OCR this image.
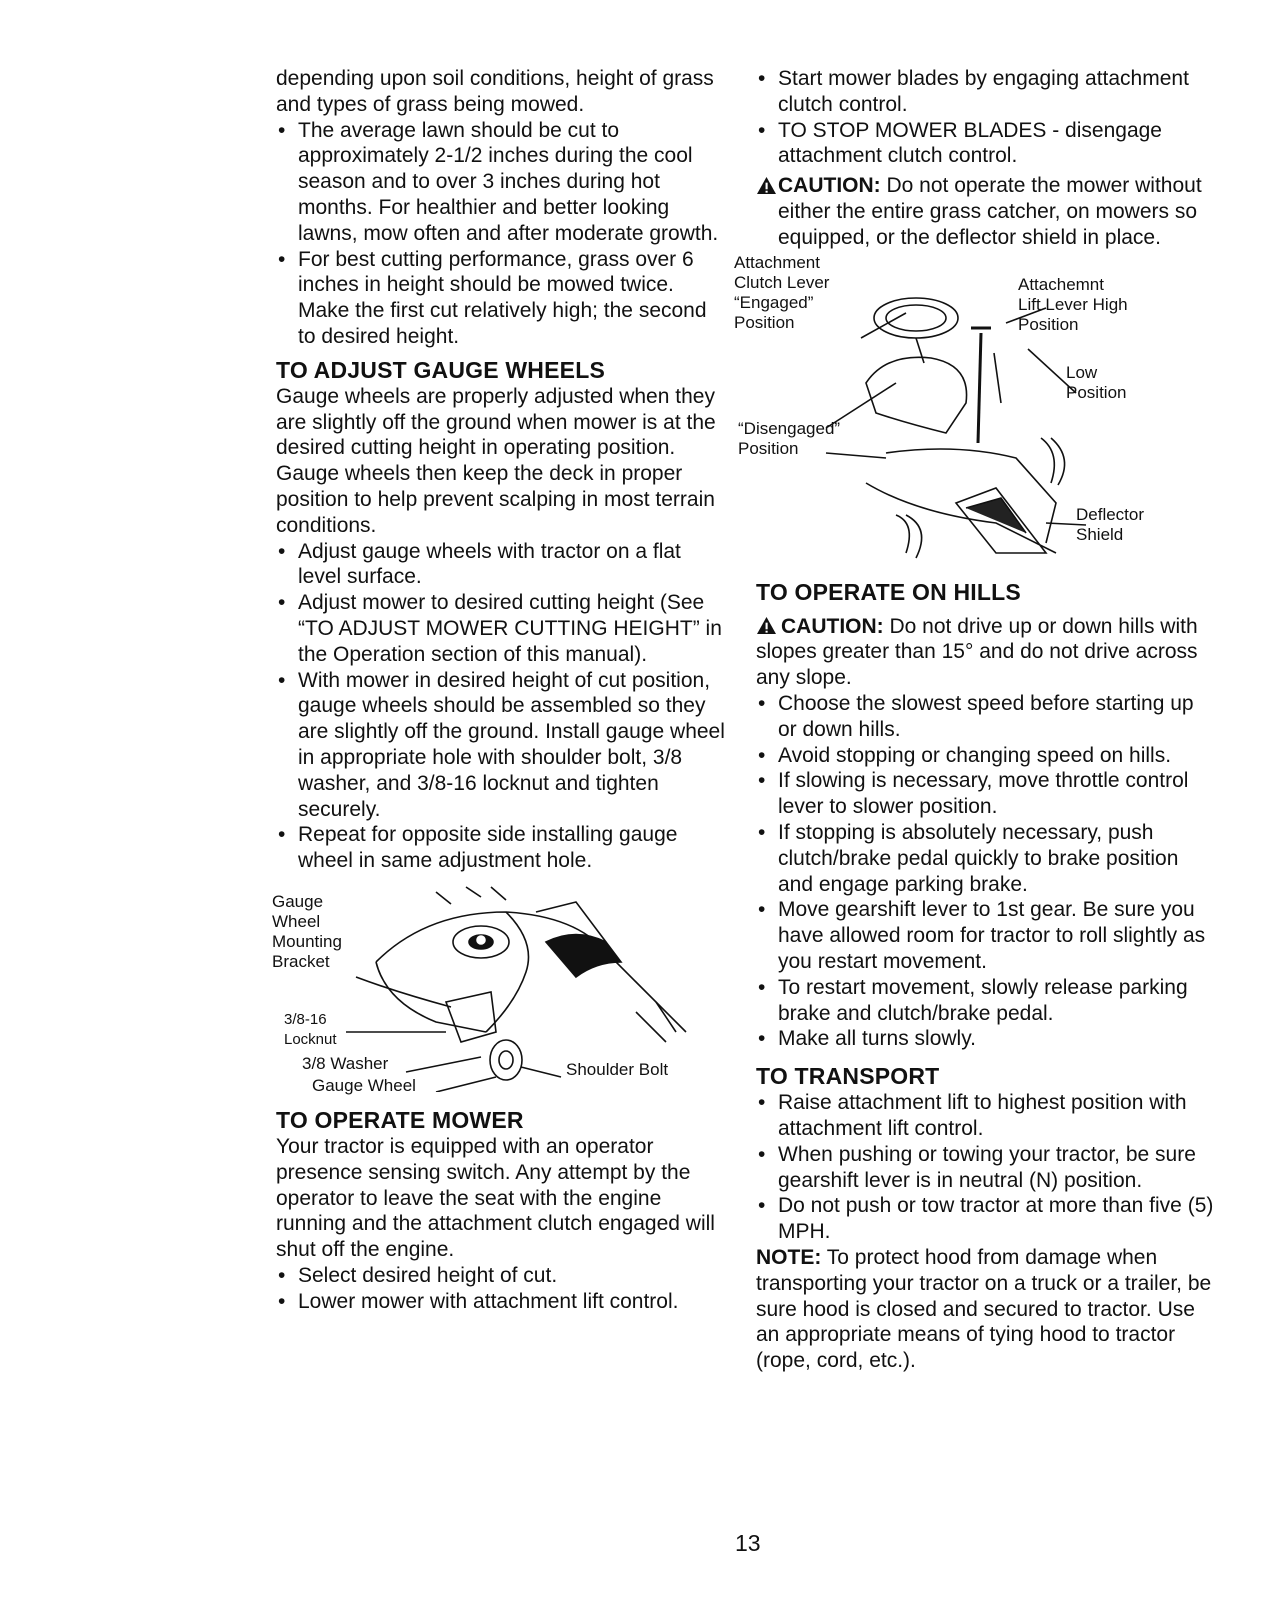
depending upon soil conditions, height of grass and types of grass being mowed.

• The average lawn should be cut to approximately 2-1/2 inches during the cool season and to over 3 inches during hot months. For healthier and better looking lawns, mow often and after moderate growth.
• For best cutting performance, grass over 6 inches in height should be mowed twice. Make the first cut relatively high; the second to desired height.
TO ADJUST GAUGE WHEELS

Gauge wheels are properly adjusted when they are slightly off the ground when mower is at the desired cutting height in operating position. Gauge wheels then keep the deck in proper position to help prevent scalping in most terrain conditions.

• Adjust gauge wheels with tractor on a flat level surface.
• Adjust mower to desired cutting height (See “TO ADJUST MOWER CUTTING HEIGHT” in the Operation section of this manual).
• With mower in desired height of cut position, gauge wheels should be assembled so they are slightly off the ground. Install gauge wheel in appropriate hole with shoulder bolt, 3/8 washer, and 3/8-16 locknut and tighten securely.
• Repeat for opposite side installing gauge wheel in same adjustment hole.
Gauge
Wheel
Mounting
Bracket
3/8-16
Locknut
3/8 Washer
Gauge Wheel
Shoulder Bolt
TO OPERATE MOWER

Your tractor is equipped with an operator presence sensing switch. Any attempt by the operator to leave the seat with the engine running and the attachment clutch engaged will shut off the engine.

• Select desired height of cut.
• Lower mower with attachment lift control.
• Start mower blades by engaging attachment clutch control.
• TO STOP MOWER BLADES - disengage attachment clutch control.
CAUTION: Do not operate the mower without either the entire grass catcher, on mowers so equipped, or the deflector shield in place.
Attachment
Clutch Lever
“Engaged”
Position
Attachemnt
Lift Lever High
Position
Low
Position
“Disengaged”
Position
Deflector
Shield
TO OPERATE ON HILLS
CAUTION: Do not drive up or down hills with slopes greater than 15° and do not drive across any slope.
• Choose the slowest speed before starting up or down hills.
• Avoid stopping or changing speed on hills.
• If slowing is necessary, move throttle control lever to slower position.
• If stopping is absolutely necessary, push clutch/brake pedal quickly to brake position and engage parking brake.
• Move gearshift lever to 1st gear. Be sure you have allowed room for tractor to roll slightly as you restart movement.
• To restart movement, slowly release parking brake and clutch/brake pedal.
• Make all turns slowly.
TO TRANSPORT
• Raise attachment lift to highest position with attachment lift control.
• When pushing or towing your tractor, be sure gearshift lever is in neutral (N) position.
• Do not push or tow tractor at more than five (5) MPH.

NOTE: To protect hood from damage when transporting your tractor on a truck or a trailer, be sure hood is closed and secured to tractor. Use an appropriate means of tying hood to tractor (rope, cord, etc.).

13
